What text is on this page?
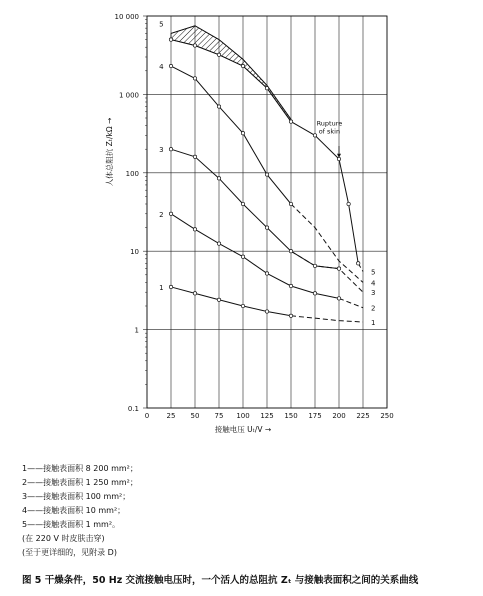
0 25 50 75 100 125 150 175 200 225 250
0.1
1
10
100
1 000
10 000
1
2
3
4
5
1
2
3
4
5
Rupture of skin
接触电压 Uₜ/V →
人体总阻抗 Zₜ/kΩ →
1——接触表面积 8 200 mm²；
2——接触表面积 1 250 mm²；
3——接触表面积 100 mm²；
4——接触表面积 10 mm²；
5——接触表面积 1 mm²。
(在 220 V 时皮肤击穿)
(至于更详细的，见附录 D)
图 5 干燥条件，50 Hz 交流接触电压时，一个活人的总阻抗 Zₜ 与接触表面积之间的关系曲线
